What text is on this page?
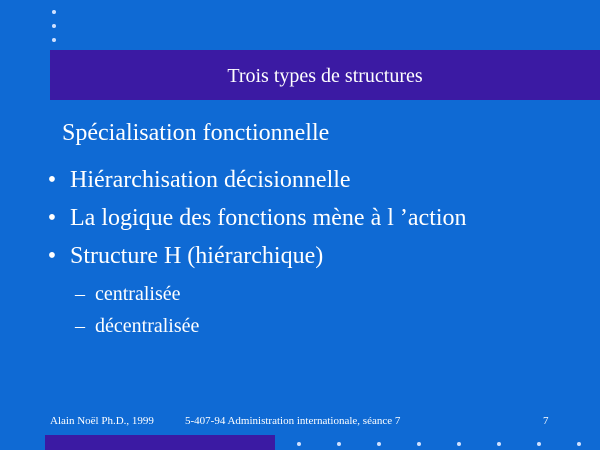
Trois types de structures
Spécialisation fonctionnelle
• Hiérarchisation décisionnelle
• La logique des fonctions mène à l ’action
• Structure H (hiérarchique)
– centralisée
– décentralisée
Alain Noël Ph.D., 1999	5-407-94 Administration internationale, séance 7	7
